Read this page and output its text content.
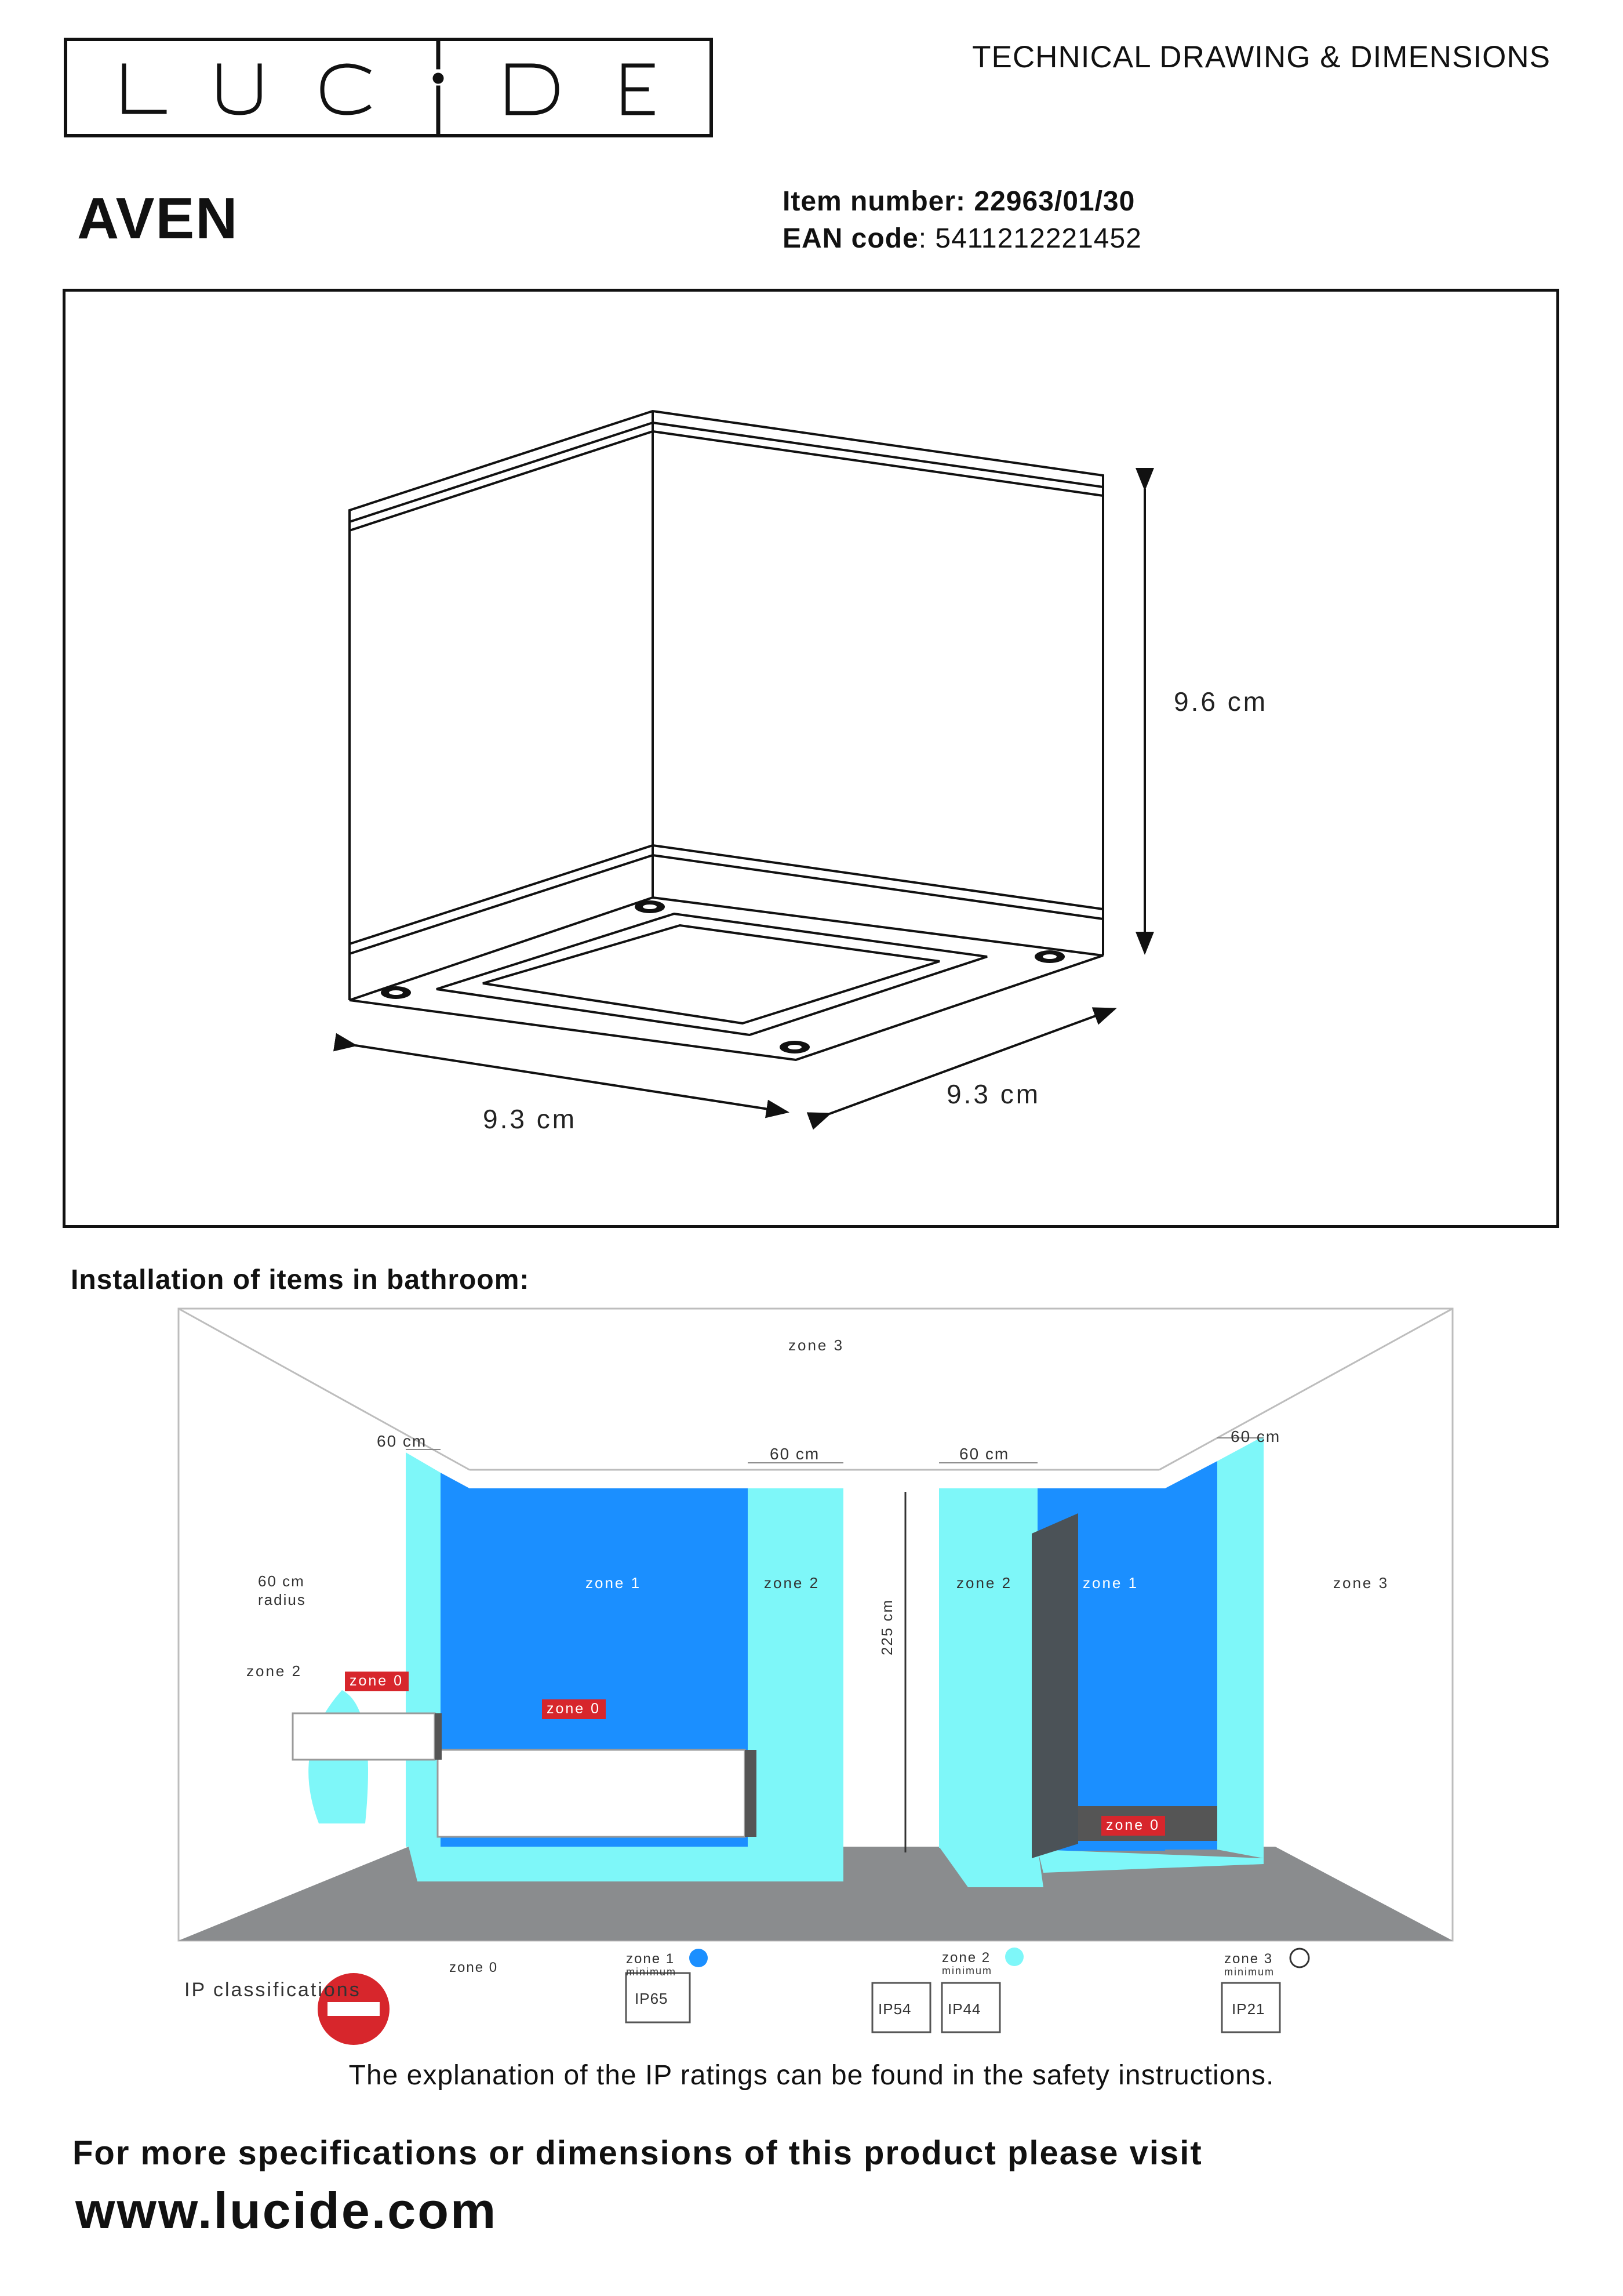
TECHNICAL DRAWING & DIMENSIONS
AVEN	Item number: 22963/01/30
EAN code: 5411212221452
9.6 cm
9.3 cm
9.3 cm
Installation of items in bathroom:
zone 3
zone 3
zone 1	zone 1
zone 2
zone 2	zone 2
zone 0
zone 0
zone 0
60 cm
60 cm	60 cm
60 cm
60 cm
radius	225 cm
IP classifications
zone 0
zone 1
minimum
zone 2
minimum
zone 3
minimum
IP65
IP54 IP44	IP21
The explanation of the IP ratings can be found in the safety instructions.
For more specifications or dimensions of this product please visit
www.lucide.com
